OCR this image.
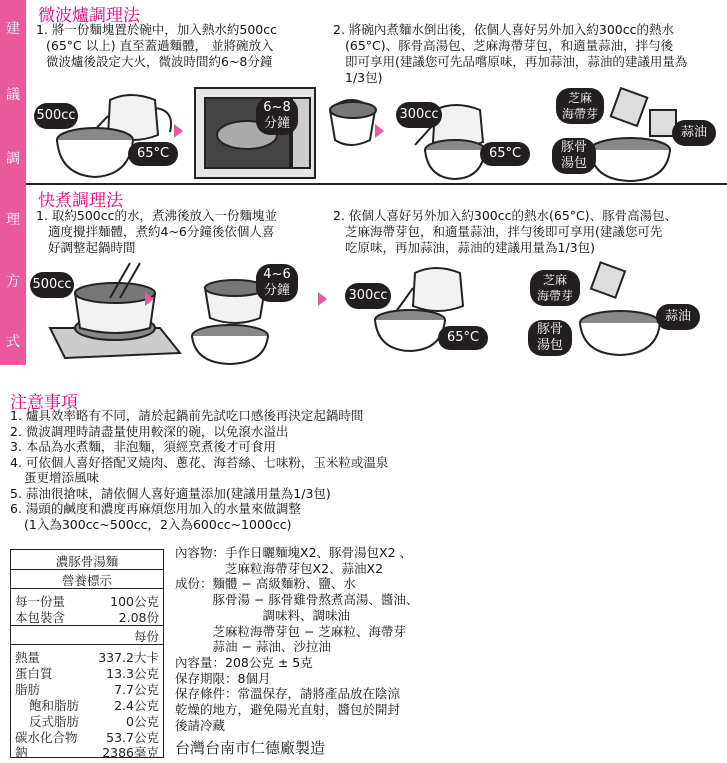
建
議
調
理
方
式
微波爐調理法
1. 將一份麵塊置於碗中，加入熱水約500cc
(65°C 以上) 直至蓋過麵體， 並將碗放入
微波爐後設定大火，微波時間約6~8分鐘
2. 將碗內煮麵水倒出後，依個人喜好另外加入約300cc的熱水
(65°C)、豚骨高湯包、芝麻海帶芽包，和適量蒜油，拌勻後
即可享用(建議您可先品嚐原味，再加蒜油，蒜油的建議用量為
1/3包)
500cc
65°C
6~8
分鐘
300cc
65°C
芝麻
海帶芽
蒜油
豚骨
湯包
快煮調理法
1. 取約500cc的水，煮沸後放入一份麵塊並
適度攪拌麵體，煮約4~6分鐘後依個人喜
好調整起鍋時間
2. 依個人喜好另外加入約300cc的熱水(65°C)、豚骨高湯包、
芝麻海帶芽包，和適量蒜油，拌勻後即可享用(建議您可先
吃原味，再加蒜油，蒜油的建議用量為1/3包)
500cc
4~6
分鐘	300cc
65°C
芝麻
海帶芽
蒜油
豚骨
湯包
注意事項
1. 爐具效率略有不同，請於起鍋前先試吃口感後再決定起鍋時間
2. 微波調理時請盡量使用較深的碗，以免滾水溢出
3. 本品為水煮麵，非泡麵，須經烹煮後才可食用
4. 可依個人喜好搭配叉燒肉、蔥花、海苔絲、七味粉，玉米粒或溫泉
蛋更增添風味
5. 蒜油很搶味，請依個人喜好適量添加(建議用量為1/3包)
6. 湯頭的鹹度和濃度再麻煩您用加入的水量來做調整
(1入為300cc~500cc，2入為600cc~1000cc)
濃豚骨湯麵
營養標示
每一份量	100公克
本包裝含	2.08份
每份
熱量	337.2大卡
蛋白質	13.3公克
脂肪	7.7公克
飽和脂肪	2.4公克
反式脂肪	0公克
碳水化合物 53.7公克
鈉	2386毫克
內容物：手作日曬麵塊X2、豚骨湯包X2 、
　　　　芝麻粒海帶芽包X2、蒜油X2
成份：麵體 − 高級麵粉、鹽、水
　　　豚骨湯 − 豚骨雞骨熬煮高湯、醬油、
　　　　　　　調味料、調味油
　　　芝麻粒海帶芽包 − 芝麻粒、海帶芽
　　　蒜油 − 蒜油、沙拉油
內容量：208公克 ± 5克
保存期限：8個月
保存條件：常溫保存，請將產品放在陰涼
乾燥的地方，避免陽光直射，醬包於開封
後請冷藏
台灣台南市仁德廠製造
